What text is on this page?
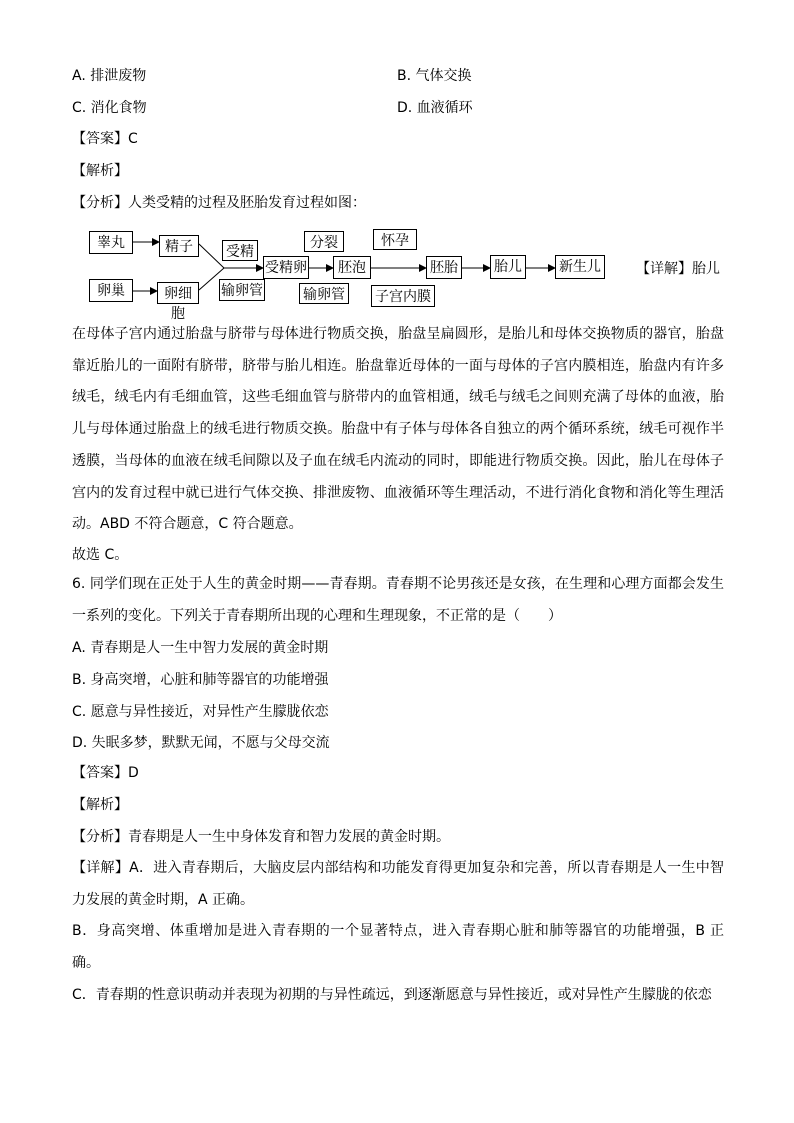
A. 排泄废物	B. 气体交换
C. 消化食物	D. 血液循环
【答案】C
【解析】
【分析】人类受精的过程及胚胎发育过程如图：
睾丸	精子
卵巢	卵细胞
受精
输卵管
受精卵
分裂
输卵管
胚泡
怀孕
子宫内膜
胚胎	胎儿	新生儿	【详解】胎儿
在母体子宫内通过胎盘与脐带与母体进行物质交换，胎盘呈扁圆形，是胎儿和母体交换物质的器官，胎盘靠近胎儿的一面附有脐带，脐带与胎儿相连。胎盘靠近母体的一面与母体的子宫内膜相连，胎盘内有许多绒毛，绒毛内有毛细血管，这些毛细血管与脐带内的血管相通，绒毛与绒毛之间则充满了母体的血液，胎儿与母体通过胎盘上的绒毛进行物质交换。胎盘中有子体与母体各自独立的两个循环系统，绒毛可视作半透膜，当母体的血液在绒毛间隙以及子血在绒毛内流动的同时，即能进行物质交换。因此，胎儿在母体子宫内的发育过程中就已进行气体交换、排泄废物、血液循环等生理活动，不进行消化食物和消化等生理活动。ABD 不符合题意，C 符合题意。
故选 C。
6. 同学们现在正处于人生的黄金时期——青春期。青春期不论男孩还是女孩，在生理和心理方面都会发生一系列的变化。下列关于青春期所出现的心理和生理现象，不正常的是（　　）
A. 青春期是人一生中智力发展的黄金时期
B. 身高突增，心脏和肺等器官的功能增强
C. 愿意与异性接近，对异性产生朦胧依恋
D. 失眠多梦，默默无闻，不愿与父母交流
【答案】D
【解析】
【分析】青春期是人一生中身体发育和智力发展的黄金时期。
【详解】A．进入青春期后，大脑皮层内部结构和功能发育得更加复杂和完善，所以青春期是人一生中智力发展的黄金时期，A 正确。
B．身高突增、体重增加是进入青春期的一个显著特点，进入青春期心脏和肺等器官的功能增强，B 正确。
C．青春期的性意识萌动并表现为初期的与异性疏远，到逐渐愿意与异性接近，或对异性产生朦胧的依恋
